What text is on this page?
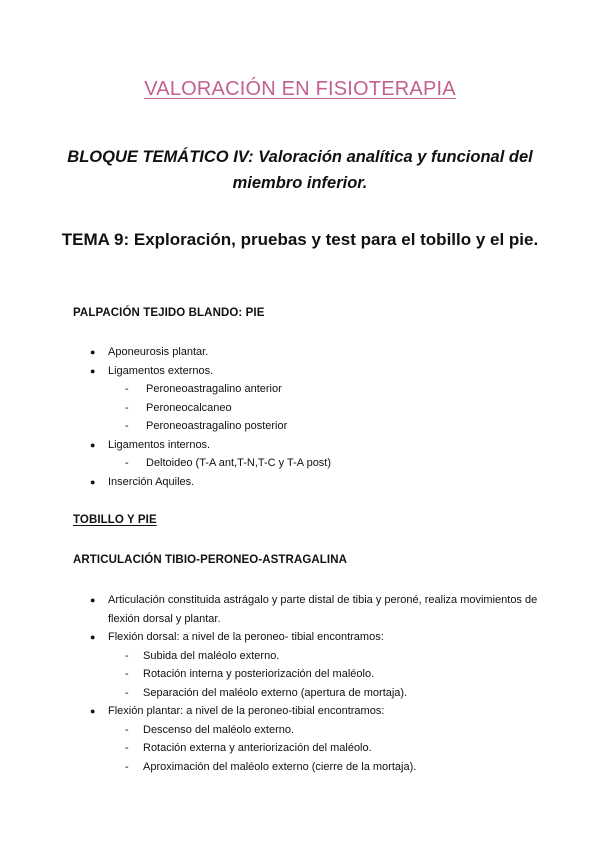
VALORACIÓN EN FISIOTERAPIA
BLOQUE TEMÁTICO IV: Valoración analítica y funcional del miembro inferior.
TEMA 9: Exploración, pruebas y test para el tobillo y el pie.
PALPACIÓN TEJIDO BLANDO: PIE
● Aponeurosis plantar.
● Ligamentos externos.
- Peroneoastragalino anterior
- Peroneocalcaneo
- Peroneoastragalino posterior
● Ligamentos internos.
- Deltoideo (T-A ant,T-N,T-C y T-A post)
● Inserción Aquiles.
TOBILLO Y PIE
ARTICULACIÓN TIBIO-PERONEO-ASTRAGALINA
● Articulación constituida astrágalo y parte distal de tibia y peroné, realiza movimientos de flexión dorsal y plantar.
● Flexión dorsal: a nivel de la peroneo- tibial encontramos:
- Subida del maléolo externo.
- Rotación interna y posteriorización del maléolo.
- Separación del maléolo externo (apertura de mortaja).
● Flexión plantar: a nivel de la peroneo-tibial encontramos:
- Descenso del maléolo externo.
- Rotación externa y anteriorización del maléolo.
- Aproximación del maléolo externo (cierre de la mortaja).
